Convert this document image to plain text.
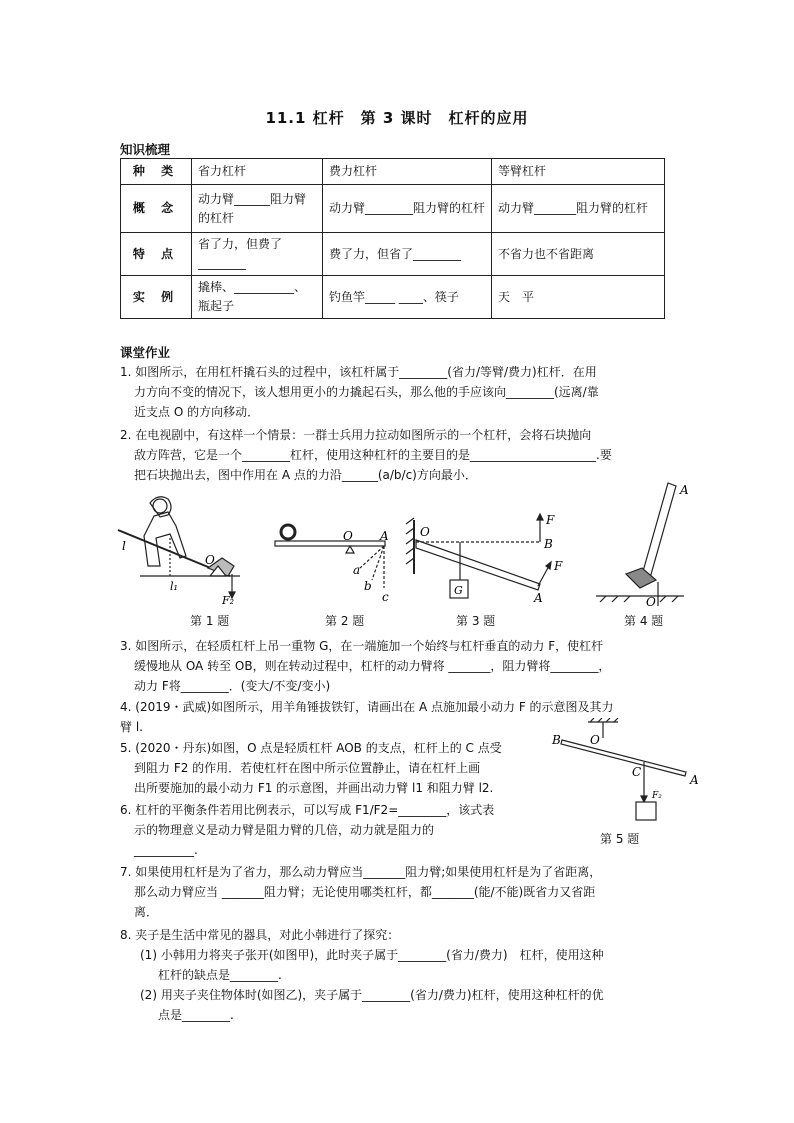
11.1 杠杆　第 3 课时　杠杆的应用
知识梳理
种 类	省力杠杆	费力杠杆	等臂杠杆
概 念	动力臂______阻力臂的杠杆	动力臂________阻力臂的杠杆	动力臂_______阻力臂的杠杆
特 点	省了力，但费了________	费了力，但省了________	不省力也不省距离
实 例	撬棒、__________、瓶起子	钓鱼竿_____ ____、筷子	天　平
课堂作业
1. 如图所示，在用杠杆撬石头的过程中，该杠杆属于________(省力/等臂/费力)杠杆．在用
力方向不变的情况下，该人想用更小的力撬起石头，那么他的手应该向________(远离/靠
近支点 O 的方向移动．
2. 在电视剧中，有这样一个情景：一群士兵用力拉动如图所示的一个杠杆，会将石块抛向
敌方阵营，它是一个________杠杆，使用这种杠杆的主要目的是_____________________.要
把石块抛出去，图中作用在 A 点的力沿______(a/b/c)方向最小．
O
l
l₁
F₂
O A
a
b
c
O
F
B
F
A
G
A
O
第 1 题	第 2 题	第 3 题	第 4 题
3. 如图所示，在轻质杠杆上吊一重物 G，在一端施加一个始终与杠杆垂直的动力 F，使杠杆
缓慢地从 OA 转至 OB，则在转动过程中，杠杆的动力臂将 _______，阻力臂将________，
动力 F将________．(变大/不变/变小)
4. (2019・武威)如图所示，用羊角锤拔铁钉，请画出在 A 点施加最小动力 F 的示意图及其力
臂 l.
5. (2020・丹东)如图，O 点是轻质杠杆 AOB 的支点，杠杆上的 C 点受
到阻力 F2 的作用．若使杠杆在图中所示位置静止，请在杠杆上画
出所要施加的最小动力 F1 的示意图，并画出动力臂 l1 和阻力臂 l2.
6. 杠杆的平衡条件若用比例表示，可以写成 F1/F2=________，该式表
示的物理意义是动力臂是阻力臂的几倍，动力就是阻力的
__________.
B O
C
A
F₂
第 5 题
7. 如果使用杠杆是为了省力，那么动力臂应当_______阻力臂;如果使用杠杆是为了省距离，
那么动力臂应当 _______阻力臂；无论使用哪类杠杆，都_______(能/不能)既省力又省距
离．
8. 夹子是生活中常见的器具，对此小韩进行了探究：
(1) 小韩用力将夹子张开(如图甲)，此时夹子属于________(省力/费力)　杠杆，使用这种
杠杆的缺点是________.
(2) 用夹子夹住物体时(如图乙)，夹子属于________(省力/费力)杠杆，使用这种杠杆的优
点是________.
